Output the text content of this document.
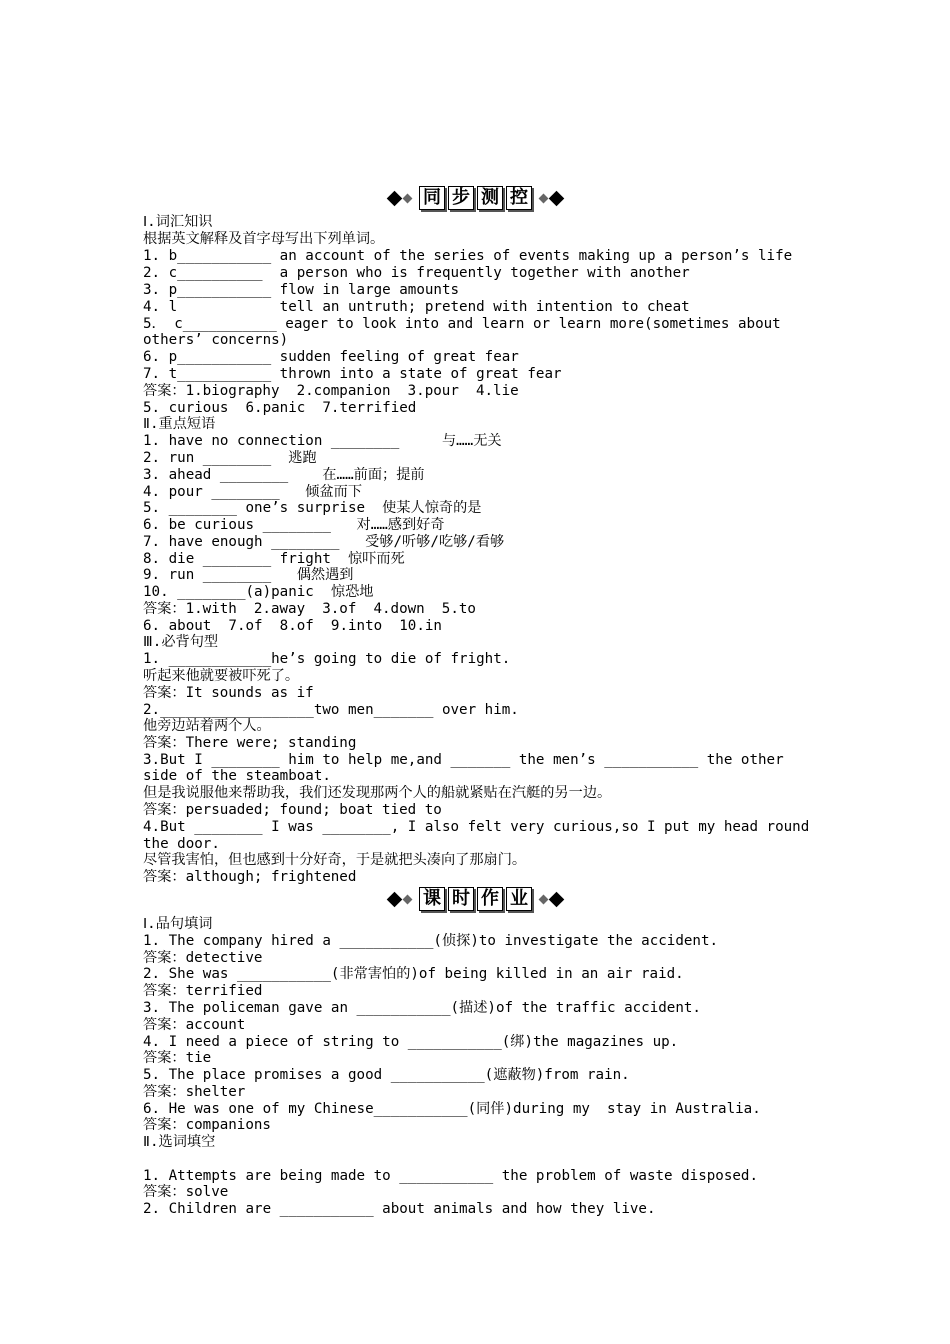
同 步 测 控
Ⅰ.词汇知识
根据英文解释及首字母写出下列单词。
1. b___________ an account of the series of events making up a person’s life
2. c__________  a person who is frequently together with another
3. p___________ flow in large amounts
4. l            tell an untruth; pretend with intention to cheat
5． c___________ eager to look into and learn or learn more(sometimes about
others’ concerns)
6. p___________ sudden feeling of great fear
7. t___________ thrown into a state of great fear
答案：1.biography  2.companion  3.pour  4.lie
5. curious  6.panic  7.terrified
Ⅱ.重点短语
1. have no connection ________     与……无关
2. run ________  逃跑
3. ahead ________    在……前面；提前
4. pour ________   倾盆而下
5. ________ one’s surprise  使某人惊奇的是
6. be curious ________   对……感到好奇
7. have enough ________   受够/听够/吃够/看够
8. die ________ fright  惊吓而死
9. run ________   偶然遇到
10. ________(a)panic  惊恐地
答案：1.with  2.away  3.of  4.down  5.to
6. about  7.of  8.of  9.into  10.in
Ⅲ.必背句型
1. ____________he’s going to die of fright.
听起来他就要被吓死了。
答案：It sounds as if
2.__________________two men_______ over him.
他旁边站着两个人。
答案：There were; standing
3.But I ________ him to help me,and _______ the men’s ___________ the other
side of the steamboat.
但是我说服他来帮助我，我们还发现那两个人的船就紧贴在汽艇的另一边。
答案：persuaded; found; boat tied to
4.But ________ I was ________, I also felt very curious,so I put my head round
the door.
尽管我害怕，但也感到十分好奇，于是就把头凑向了那扇门。
答案：although; frightened
课 时 作 业
Ⅰ.品句填词
1. The company hired a ___________(侦探)to investigate the accident.
答案：detective
2. She was ___________(非常害怕的)of being killed in an air raid.
答案：terrified
3. The policeman gave an ___________(描述)of the traffic accident.
答案：account
4. I need a piece of string to ___________(绑)the magazines up.
答案：tie
5. The place promises a good ___________(遮蔽物)from rain.
答案：shelter
6. He was one of my Chinese___________(同伴)during my  stay in Australia.
答案：companions
Ⅱ.选词填空
1. Attempts are being made to ___________ the problem of waste disposed.
答案：solve
2. Children are ___________ about animals and how they live.
